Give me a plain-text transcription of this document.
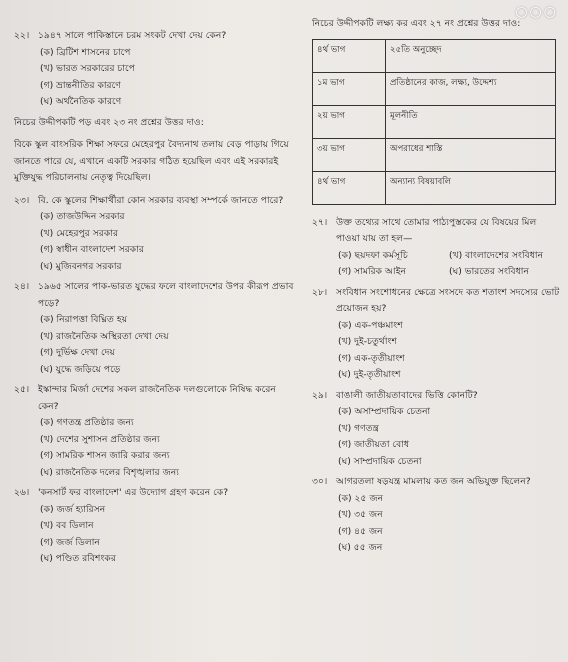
○○○
২২। ১৯৪৭ সালে পাকিস্তানে চরম সংকট দেখা দেয় কেন?
(ক) ব্রিটিশ শাসনের চাপে
(খ) ভারত সরকারের চাপে
(গ) ভ্রান্তনীতির কারণে
(ঘ) অর্থনৈতিক কারণে
নিচের উদ্দীপকটি পড় এবং ২৩ নং প্রশ্নের উত্তর দাও:
বিকে স্কুল বাংসরিক শিক্ষা সফরে মেহেরপুর বৈদ্যনাথ তলায় বেড় পাড়ায় গিয়ে জানতে পারে যে, এখানে একটি সরকার গঠিত হয়েছিল এবং এই সরকারই মুক্তিযুদ্ধ পরিচালনায় নেতৃত্ব দিয়েছিল।
২৩। বি. কে স্কুলের শিক্ষার্থীরা কোন সরকার ব্যবস্থা সম্পর্কে জানতে পারে?
(ক) তাজউদ্দিন সরকার
(খ) মেহেরপুর সরকার
(গ) স্বাধীন বাংলাদেশ সরকার
(ঘ) মুজিবনগর সরকার
২৪। ১৯৬৫ সালের পাক-ভারত যুদ্ধের ফলে বাংলাদেশের উপর কীরূপ প্রভাব পড়ে?
(ক) নিরাপত্তা বিঘ্নিত হয়
(খ) রাজনৈতিক অস্থিরতা দেখা দেয়
(গ) দুর্ভিক্ষ দেখা দেয়
(ঘ) যুদ্ধে জড়িয়ে পড়ে
২৫। ইস্কান্দার মির্জা দেশের সকল রাজনৈতিক দলগুলোকে নিষিদ্ধ করেন কেন?
(ক) গণতন্ত্র প্রতিষ্ঠার জন্য
(খ) দেশের সুশাসন প্রতিষ্ঠার জন্য
(গ) সামরিক শাসন জারি করার জন্য
(ঘ) রাজনৈতিক দলের বিশৃঙ্খলার জন্য
২৬। 'কনসার্ট ফর বাংলাদেশ' এর উদ্যোগ গ্রহণ করেন কে?
(ক) জর্জ হ্যারিসন
(খ) বব ডিলান
(গ) জর্জ ডিলান
(ঘ) পণ্ডিত রবিশংকর
নিচের উদ্দীপকটি লক্ষ্য কর এবং ২৭ নং প্রশ্নের উত্তর দাও:
৪র্থ ভাগ	২৫তি অনুচ্ছেদ
১ম ভাগ	প্রতিষ্ঠানের কাজ, লক্ষ্য, উদ্দেশ্য
২য় ভাগ	মূলনীতি
৩য় ভাগ	অপরাধের শাস্তি
৪র্থ ভাগ	অন্যান্য বিষয়াবলি
২৭। উক্ত তথ্যের সাথে তোমার পাঠ্যপুস্তকের যে বিষয়ের মিল পাওয়া যায় তা হল—
(ক) ছয়দফা কর্মসূচি	(খ) বাংলাদেশের সংবিধান
(গ) সামরিক আইন	(ঘ) ভারতের সংবিধান
২৮। সংবিধান সংশোধনের ক্ষেত্রে সংসদে কত শতাংশ সদস্যের ভোট প্রয়োজন হয়?
(ক) এক-পঞ্চমাংশ
(খ) দুই-চতুর্থাংশ
(গ) এক-তৃতীয়াংশ
(ঘ) দুই-তৃতীয়াংশ
২৯। বাঙালী জাতীয়তাবাদের ভিত্তি কোনটি?
(ক) অসাম্প্রদায়িক চেতনা
(খ) গণতন্ত্র
(গ) জাতীয়তা বোধ
(ঘ) সাম্প্রদায়িক চেতনা
৩০। আগরতলা ষড়যন্ত্র মামলায় কত জন অভিযুক্ত ছিলেন?
(ক) ২৫ জন
(খ) ৩৫ জন
(গ) ৪৫ জন
(ঘ) ৫৫ জন
